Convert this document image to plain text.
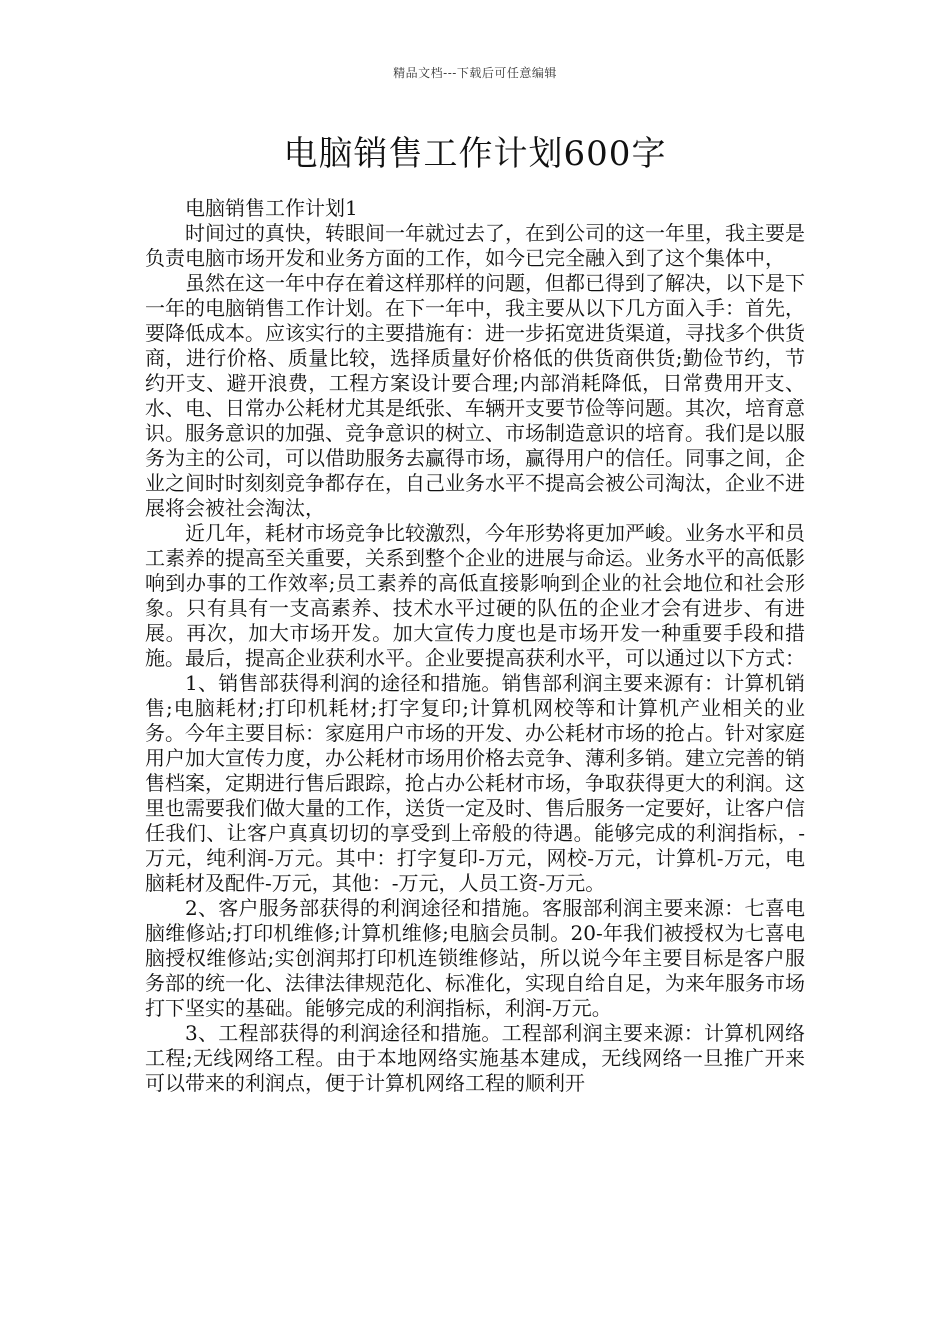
精品文档---下载后可任意编辑
电脑销售工作计划600字

电脑销售工作计划1

时间过的真快，转眼间一年就过去了，在到公司的这一年里，我主要是负责电脑市场开发和业务方面的工作，如今已完全融入到了这个集体中，

虽然在这一年中存在着这样那样的问题，但都已得到了解决，以下是下一年的电脑销售工作计划。在下一年中，我主要从以下几方面入手：首先，要降低成本。应该实行的主要措施有：进一步拓宽进货渠道，寻找多个供货商，进行价格、质量比较，选择质量好价格低的供货商供货;勤俭节约，节约开支、避开浪费，工程方案设计要合理;内部消耗降低，日常费用开支、水、电、日常办公耗材尤其是纸张、车辆开支要节俭等问题。其次，培育意识。服务意识的加强、竞争意识的树立、市场制造意识的培育。我们是以服务为主的公司，可以借助服务去赢得市场，赢得用户的信任。同事之间，企业之间时时刻刻竞争都存在，自己业务水平不提高会被公司淘汰，企业不进展将会被社会淘汰，

近几年，耗材市场竞争比较激烈，今年形势将更加严峻。业务水平和员工素养的提高至关重要，关系到整个企业的进展与命运。业务水平的高低影响到办事的工作效率;员工素养的高低直接影响到企业的社会地位和社会形象。只有具有一支高素养、技术水平过硬的队伍的企业才会有进步、有进展。再次，加大市场开发。加大宣传力度也是市场开发一种重要手段和措施。最后，提高企业获利水平。企业要提高获利水平，可以通过以下方式：

1、销售部获得利润的途径和措施。销售部利润主要来源有：计算机销售;电脑耗材;打印机耗材;打字复印;计算机网校等和计算机产业相关的业务。今年主要目标：家庭用户市场的开发、办公耗材市场的抢占。针对家庭用户加大宣传力度，办公耗材市场用价格去竞争、薄利多销。建立完善的销售档案，定期进行售后跟踪，抢占办公耗材市场，争取获得更大的利润。这里也需要我们做大量的工作，送货一定及时、售后服务一定要好，让客户信任我们、让客户真真切切的享受到上帝般的待遇。能够完成的利润指标，-万元，纯利润-万元。其中：打字复印-万元，网校-万元，计算机-万元，电脑耗材及配件-万元，其他：-万元，人员工资-万元。

2、客户服务部获得的利润途径和措施。客服部利润主要来源：七喜电脑维修站;打印机维修;计算机维修;电脑会员制。20-年我们被授权为七喜电脑授权维修站;实创润邦打印机连锁维修站，所以说今年主要目标是客户服务部的统一化、法律法律规范化、标准化，实现自给自足，为来年服务市场打下坚实的基础。能够完成的利润指标，利润-万元。

3、工程部获得的利润途径和措施。工程部利润主要来源：计算机网络工程;无线网络工程。由于本地网络实施基本建成，无线网络一旦推广开来可以带来的利润点，便于计算机网络工程的顺利开
